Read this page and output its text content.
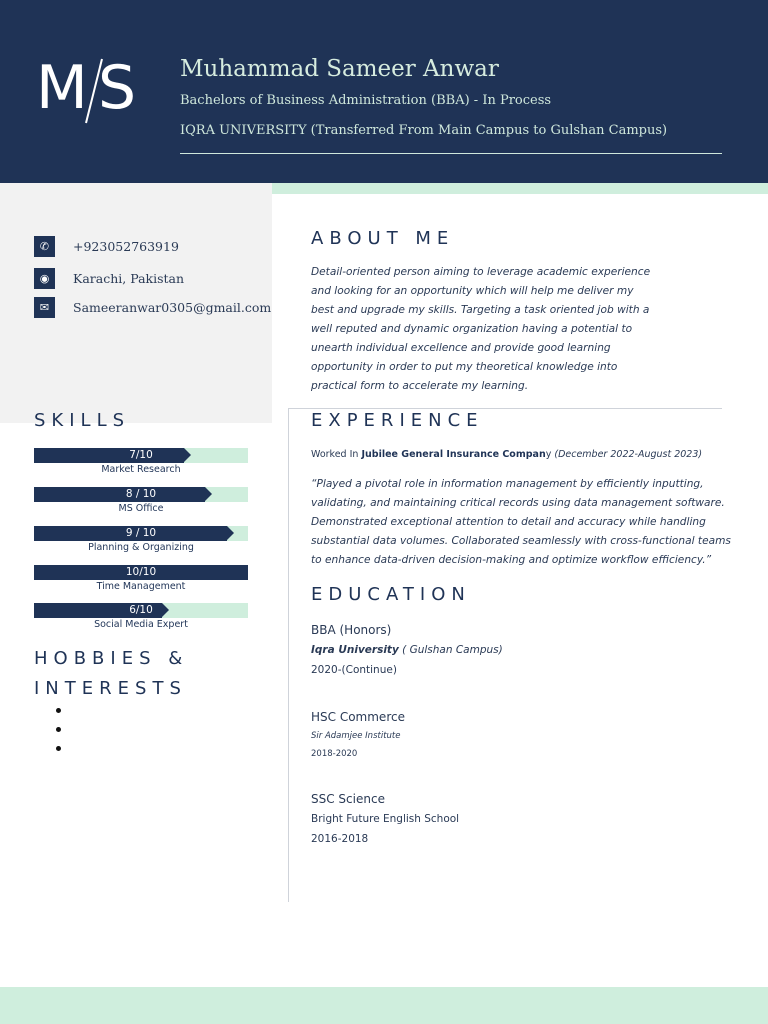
M S Muhammad Sameer Anwar
Bachelors of Business Administration (BBA) - In Process
IQRA UNIVERSITY (Transferred From Main Campus to Gulshan Campus)
✆	+923052763919
◉	Karachi, Pakistan
✉	Sameeranwar0305@gmail.com
ABOUT ME
Detail-oriented person aiming to leverage academic experience and looking for an opportunity which will help me deliver my best and upgrade my skills. Targeting a task oriented job with a well reputed and dynamic organization having a potential to unearth individual excellence and provide good learning opportunity in order to put my theoretical knowledge into practical form to accelerate my learning.
SKILLS
7/10
Market Research
8 / 10
MS Office
9 / 10
Planning & Organizing
10/10
Time Management
6/10
Social Media Expert
HOBBIES &
INTERESTS
EXPERIENCE
Worked In Jubilee General Insurance Company (December 2022-August 2023)
“Played a pivotal role in information management by efficiently inputting, validating, and maintaining critical records using data management software. Demonstrated exceptional attention to detail and accuracy while handling substantial data volumes. Collaborated seamlessly with cross-functional teams to enhance data-driven decision-making and optimize workflow efficiency.”
EDUCATION
BBA (Honors)
Iqra University ( Gulshan Campus)
2020-(Continue)
HSC Commerce
Sir Adamjee Institute
2018-2020
SSC Science
Bright Future English School
2016-2018
